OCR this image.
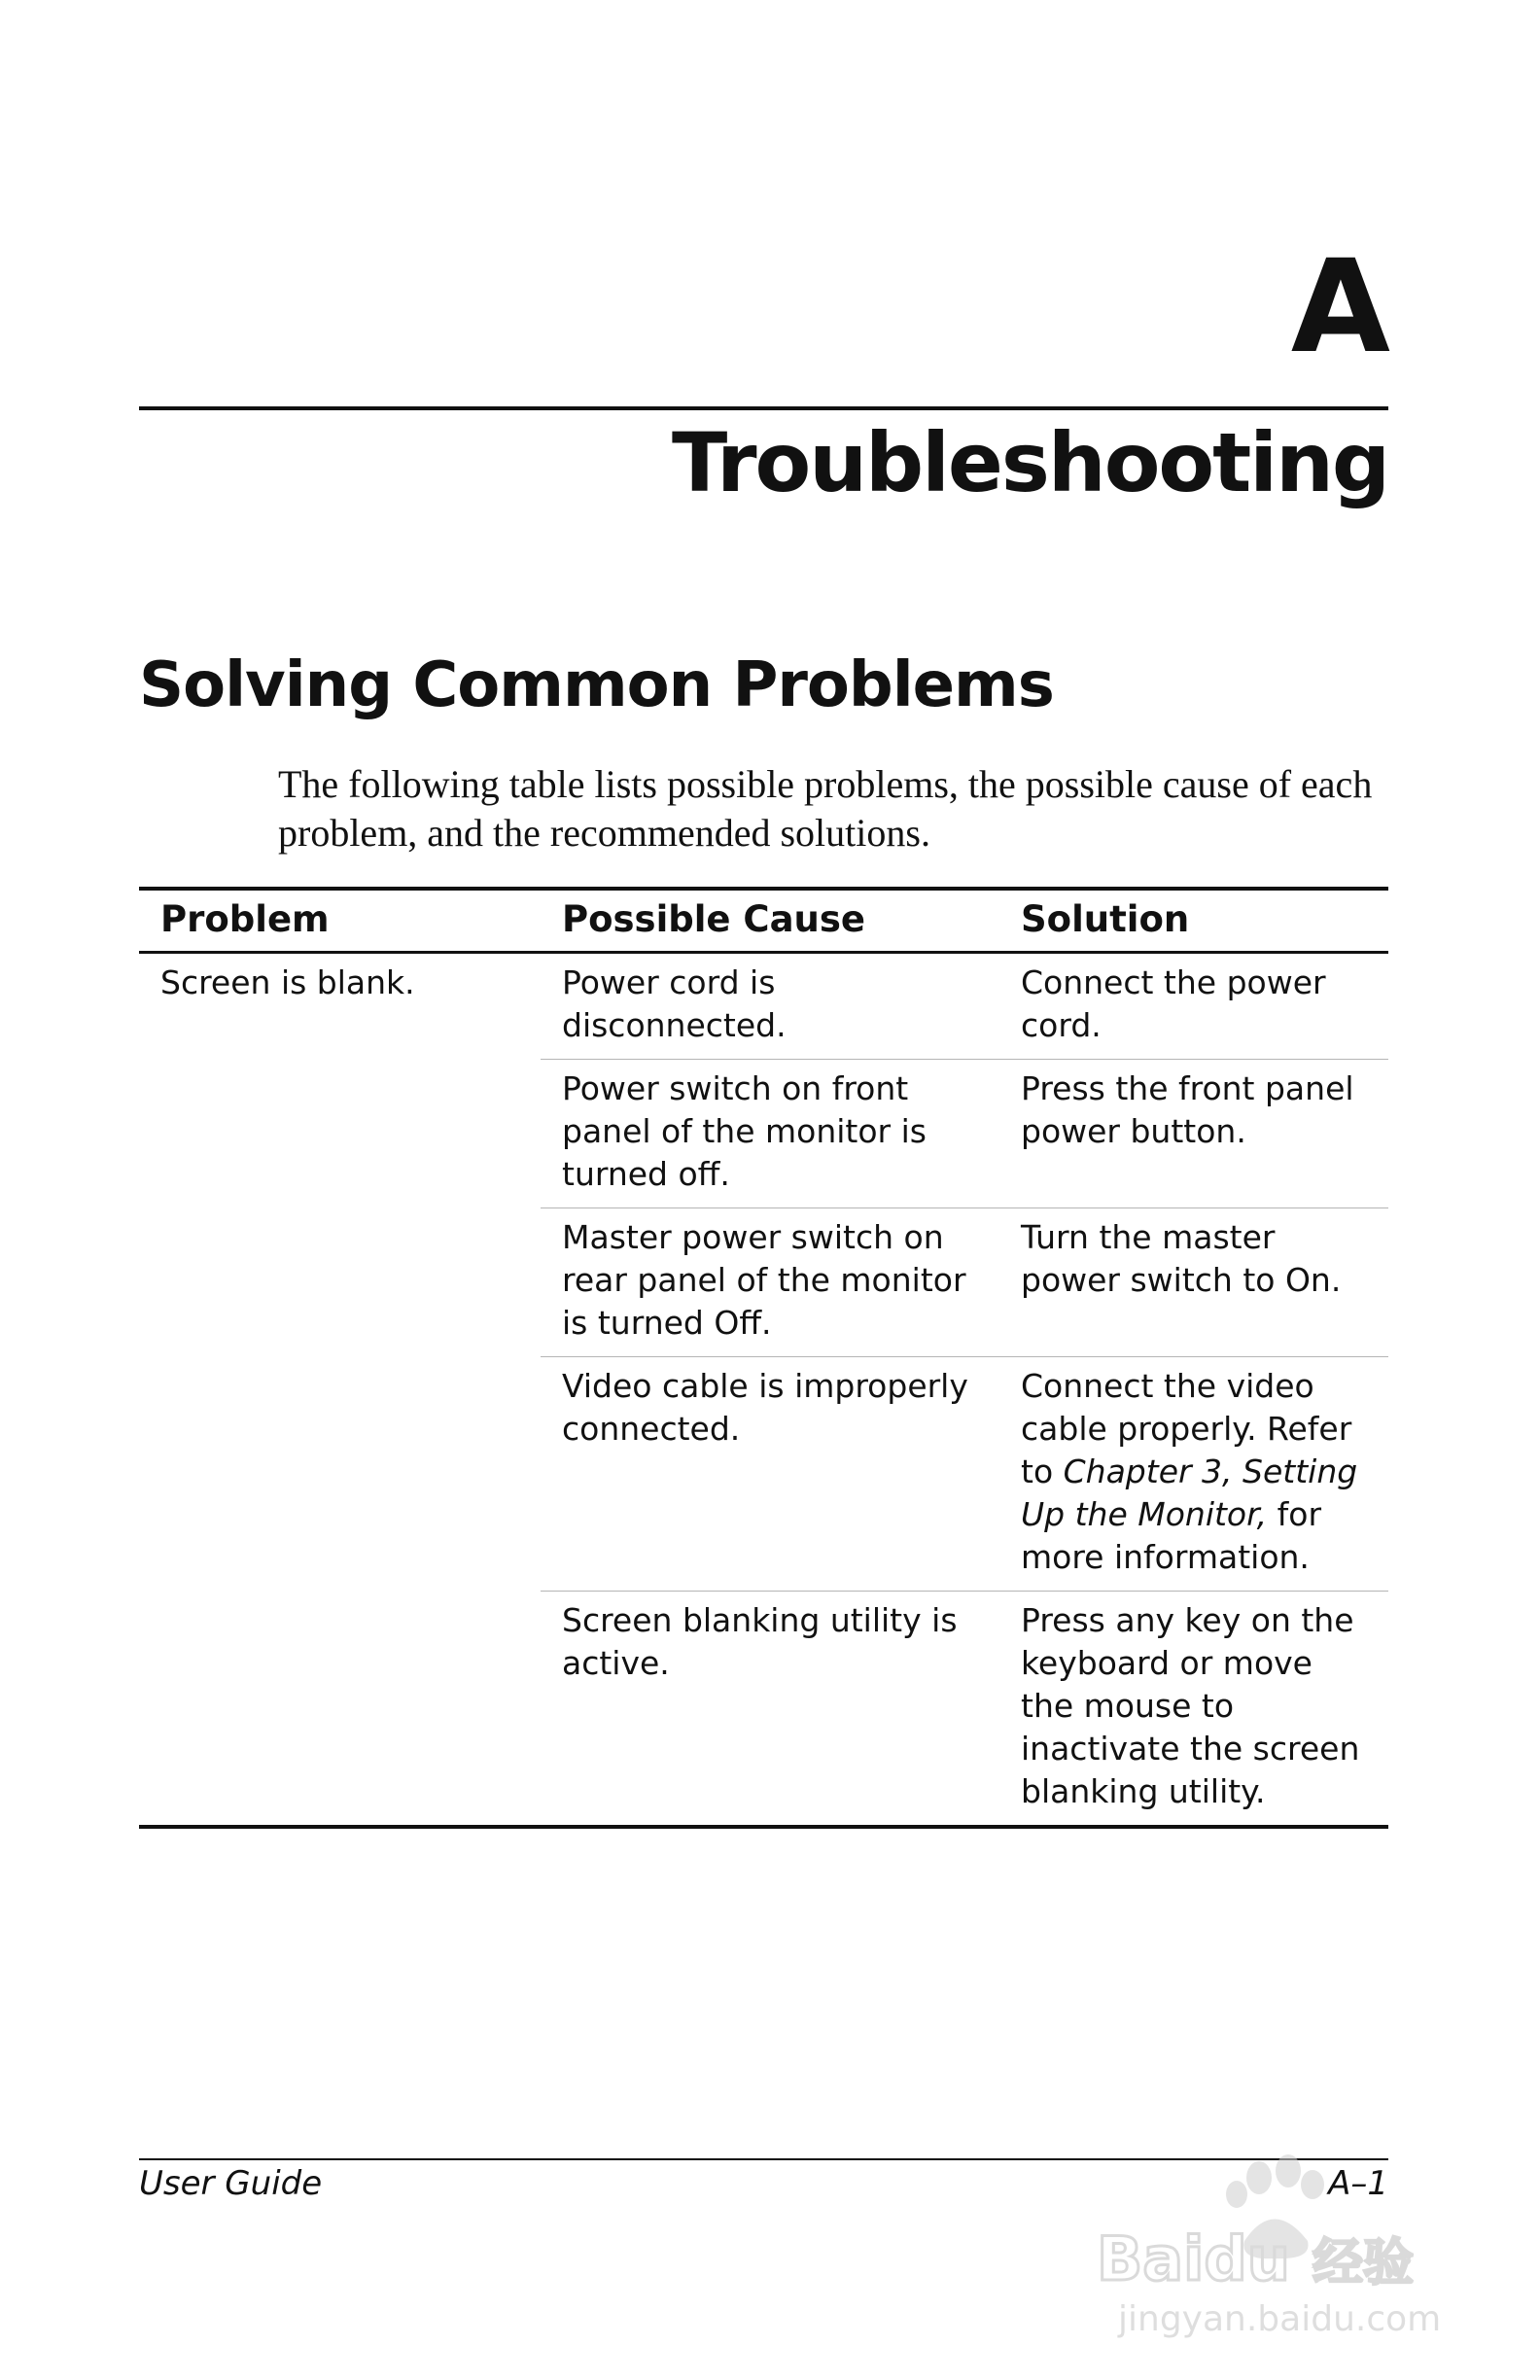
A
Troubleshooting
Solving Common Problems
The following table lists possible problems, the possible cause of each problem, and the recommended solutions.
Problem	Possible Cause	Solution
Screen is blank.	Power cord is disconnected.	Connect the power cord.
	Power switch on front panel of the monitor is turned off.	Press the front panel power button.
	Master power switch on rear panel of the monitor is turned Off.	Turn the master power switch to On.
	Video cable is improperly connected.	Connect the video cable properly. Refer to Chapter 3, Setting Up the Monitor, for more information.
	Screen blanking utility is active.	Press any key on the keyboard or move the mouse to inactivate the screen blanking utility.
User Guide	A–1
Baidu 经验
jingyan.baidu.com
